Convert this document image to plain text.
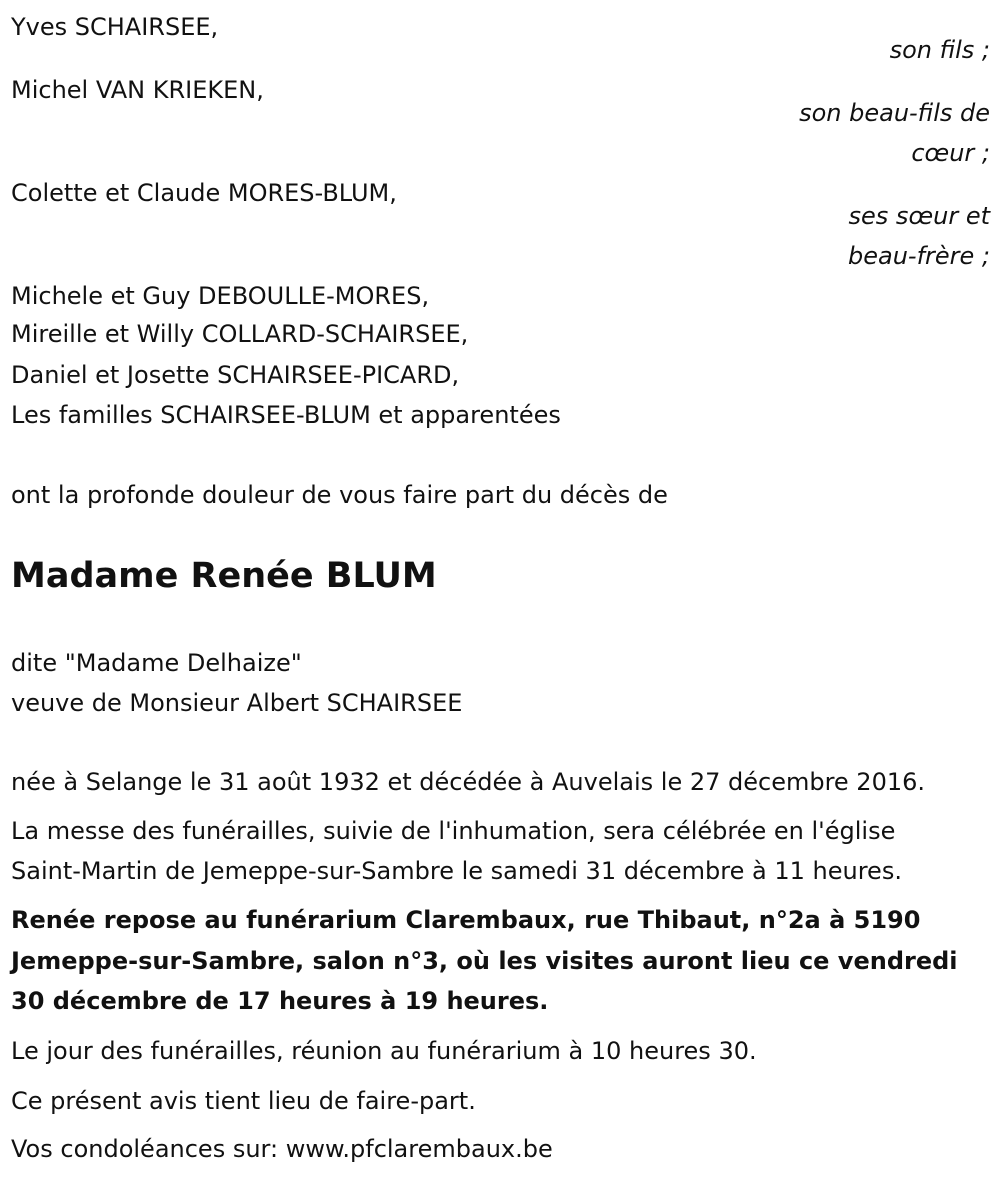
Yves SCHAIRSEE,
son fils ;
Michel VAN KRIEKEN,
son beau-fils de
cœur ;
Colette et Claude MORES-BLUM,
ses sœur et
beau-frère ;
Michele et Guy DEBOULLE-MORES,
Mireille et Willy COLLARD-SCHAIRSEE,
Daniel et Josette SCHAIRSEE-PICARD,
Les familles SCHAIRSEE-BLUM et apparentées
ont la profonde douleur de vous faire part du décès de
Madame Renée BLUM
dite "Madame Delhaize"
veuve de Monsieur Albert SCHAIRSEE
née à Selange le 31 août 1932 et décédée à Auvelais le 27 décembre 2016.
La messe des funérailles, suivie de l'inhumation, sera célébrée en l'église
Saint-Martin de Jemeppe-sur-Sambre le samedi 31 décembre à 11 heures.
Renée repose au funérarium Clarembaux, rue Thibaut, n°2a à 5190
Jemeppe-sur-Sambre, salon n°3, où les visites auront lieu ce vendredi
30 décembre de 17 heures à 19 heures.
Le jour des funérailles, réunion au funérarium à 10 heures 30.
Ce présent avis tient lieu de faire-part.
Vos condoléances sur: www.pfclarembaux.be
